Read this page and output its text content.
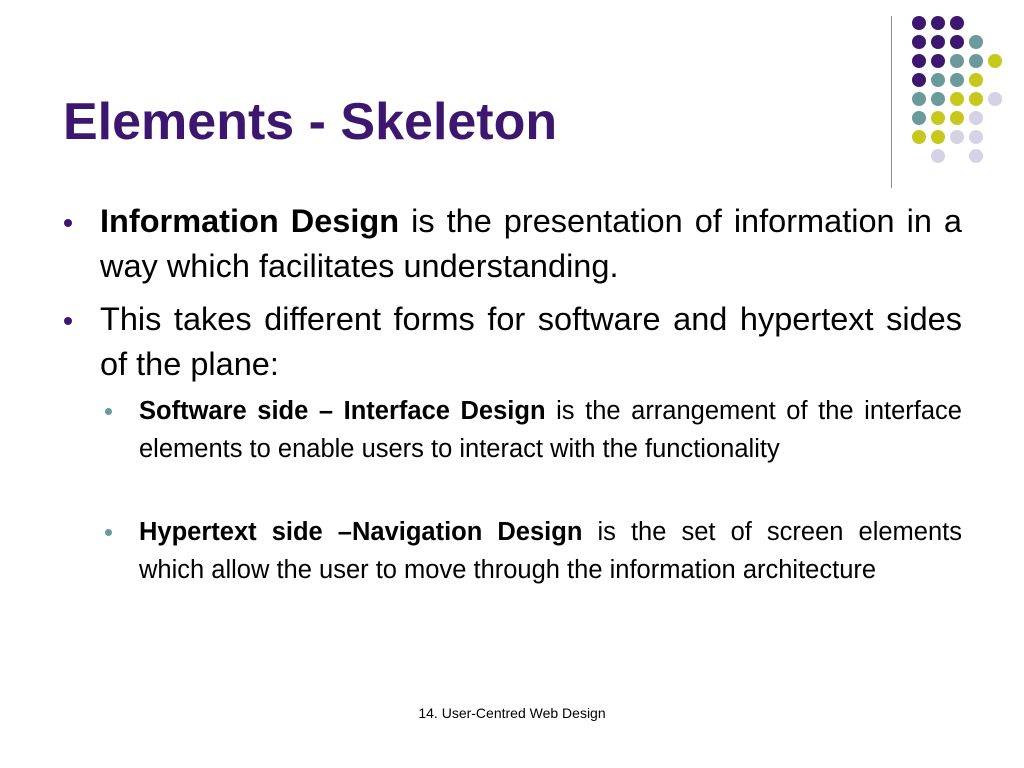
Elements - Skeleton

Information Design is the presentation of information in a way which facilitates understanding.

This takes different forms for software and hypertext sides of the plane:

Software side – Interface Design is the arrangement of the interface elements to enable users to interact with the functionality

Hypertext side –Navigation Design is the set of screen elements which allow the user to move through the information architecture

14. User-Centred Web Design
